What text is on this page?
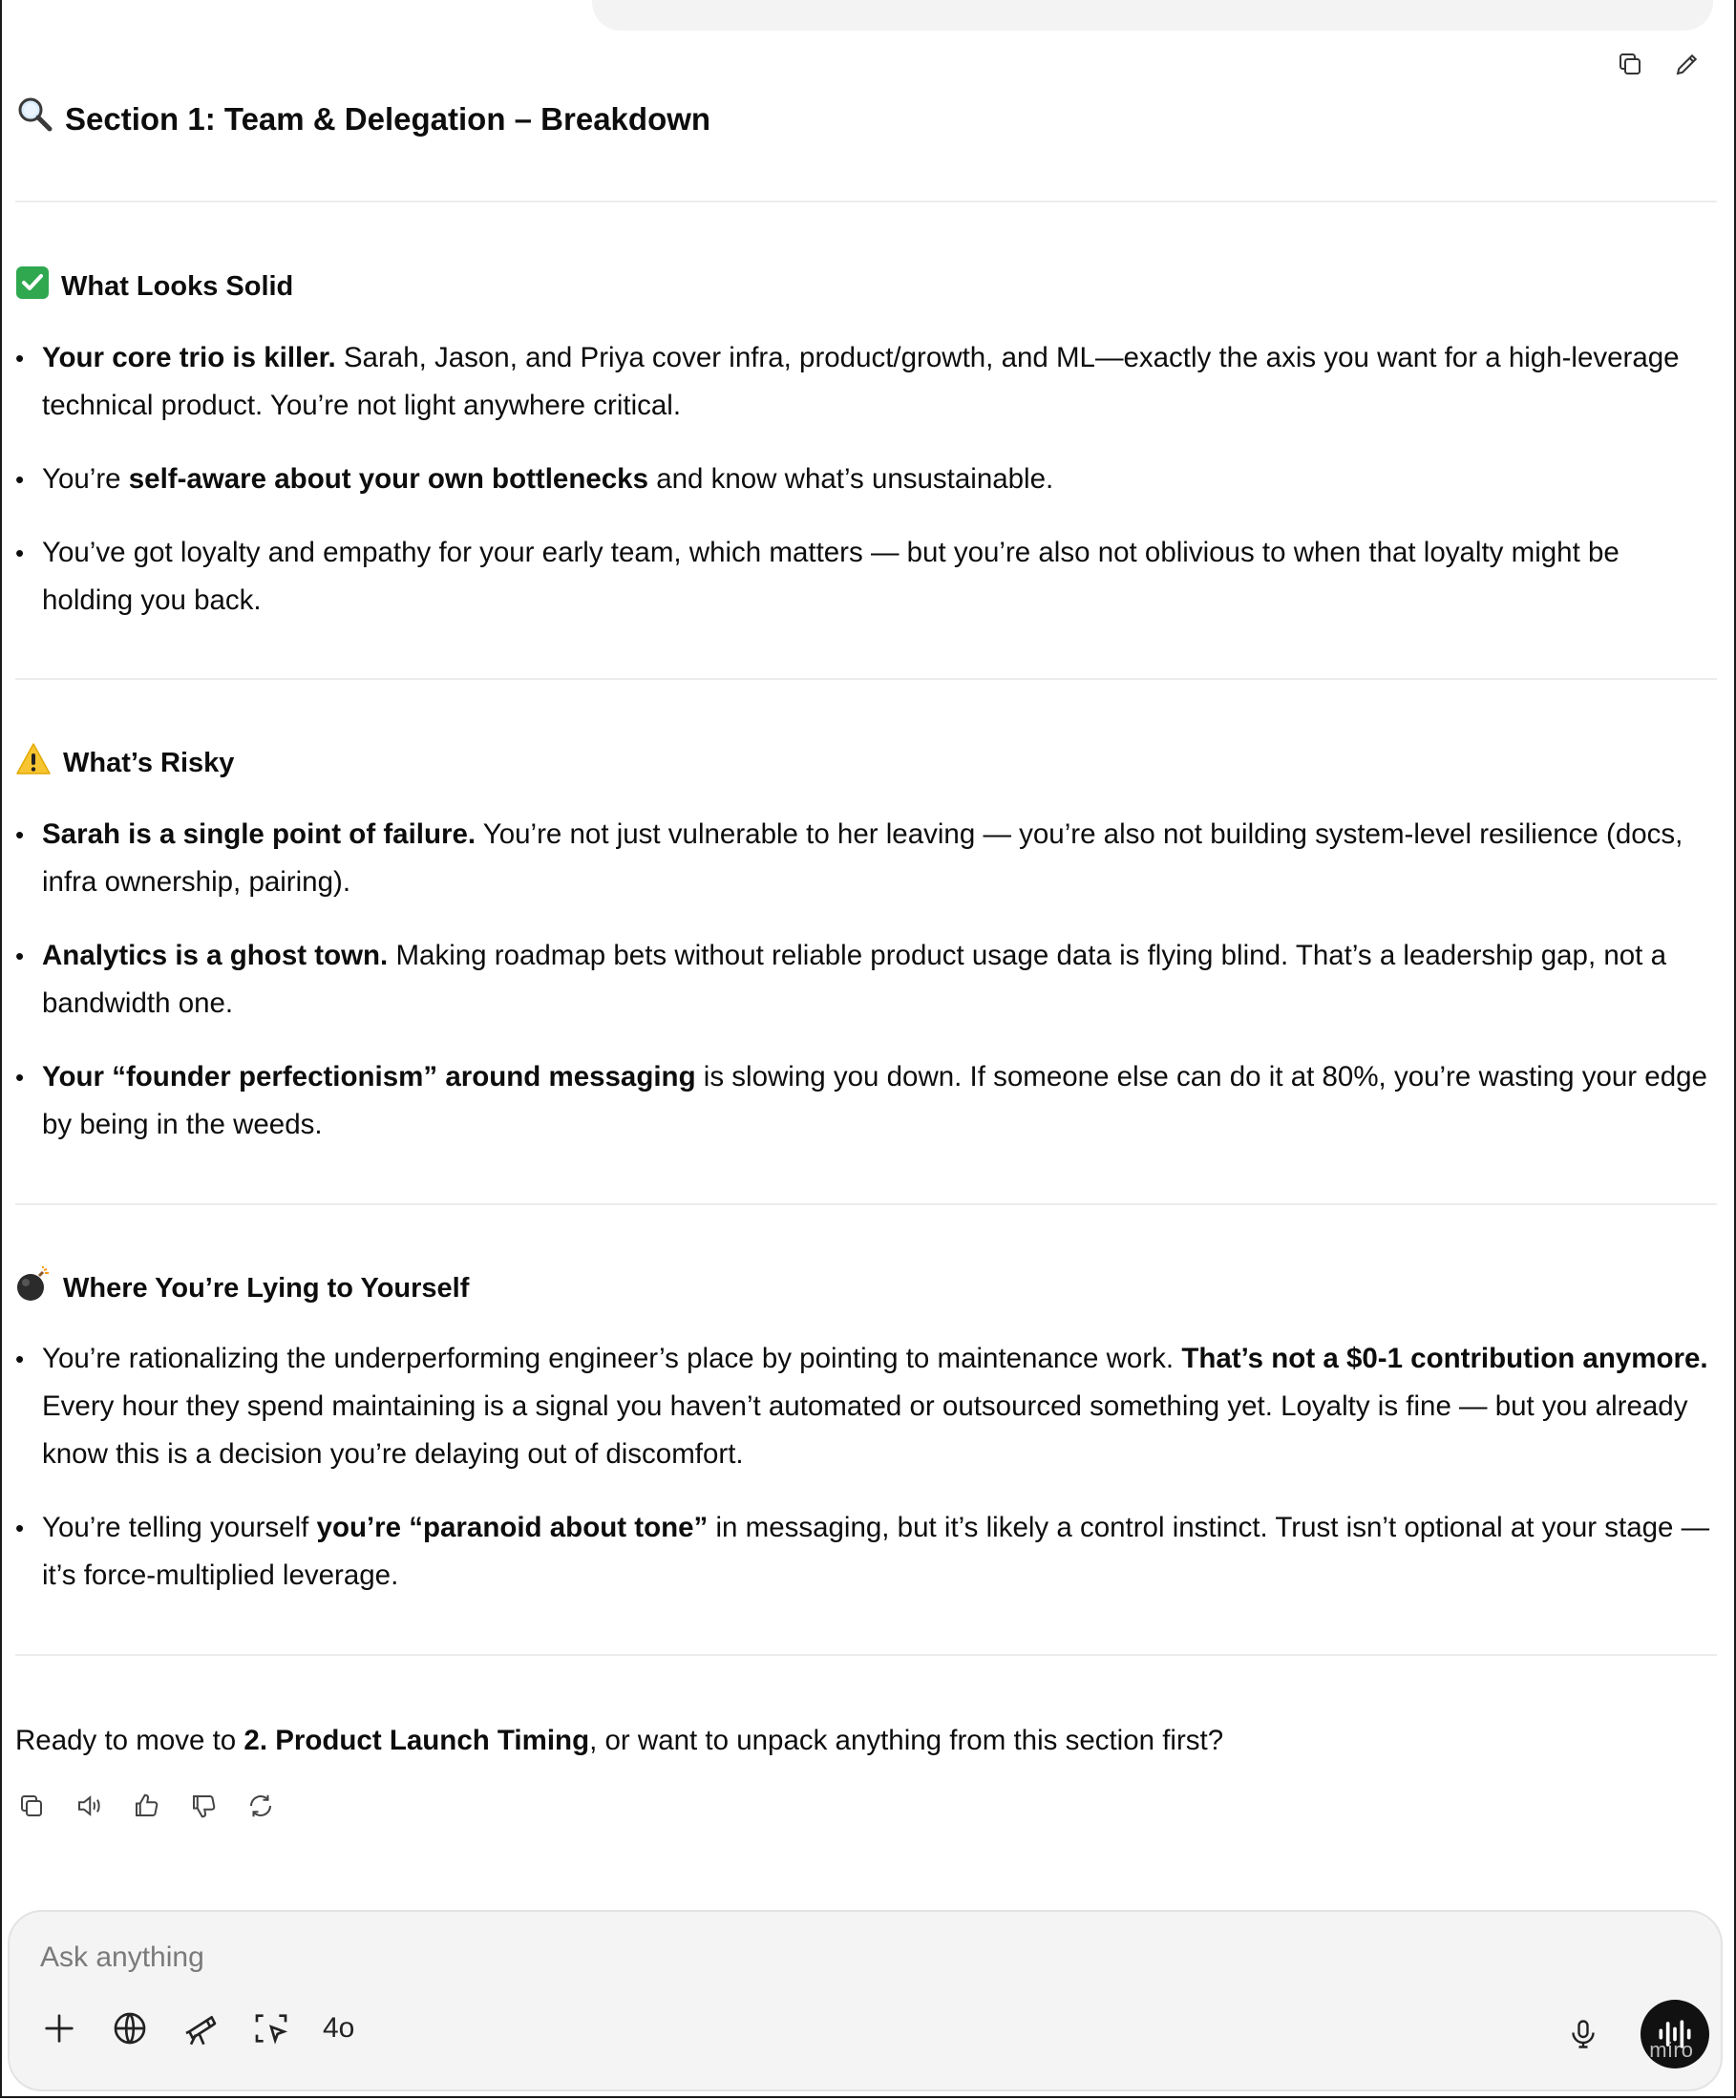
Section 1: Team & Delegation – Breakdown
What Looks Solid
• Your core trio is killer. Sarah, Jason, and Priya cover infra, product/growth, and ML—exactly the axis you want for a high-leverage technical product. You’re not light anywhere critical.
• You’re self-aware about your own bottlenecks and know what’s unsustainable.
• You’ve got loyalty and empathy for your early team, which matters — but you’re also not oblivious to when that loyalty might be holding you back.
What’s Risky
• Sarah is a single point of failure. You’re not just vulnerable to her leaving — you’re also not building system-level resilience (docs, infra ownership, pairing).
• Analytics is a ghost town. Making roadmap bets without reliable product usage data is flying blind. That’s a leadership gap, not a bandwidth one.
• Your “founder perfectionism” around messaging is slowing you down. If someone else can do it at 80%, you’re wasting your edge by being in the weeds.
Where You’re Lying to Yourself
• You’re rationalizing the underperforming engineer’s place by pointing to maintenance work. That’s not a $0-1 contribution anymore. Every hour they spend maintaining is a signal you haven’t automated or outsourced something yet. Loyalty is fine — but you already know this is a decision you’re delaying out of discomfort.
• You’re telling yourself you’re “paranoid about tone” in messaging, but it’s likely a control instinct. Trust isn’t optional at your stage — it’s force-multiplied leverage.
Ready to move to 2. Product Launch Timing, or want to unpack anything from this section first?
Ask anything
4o
miro
